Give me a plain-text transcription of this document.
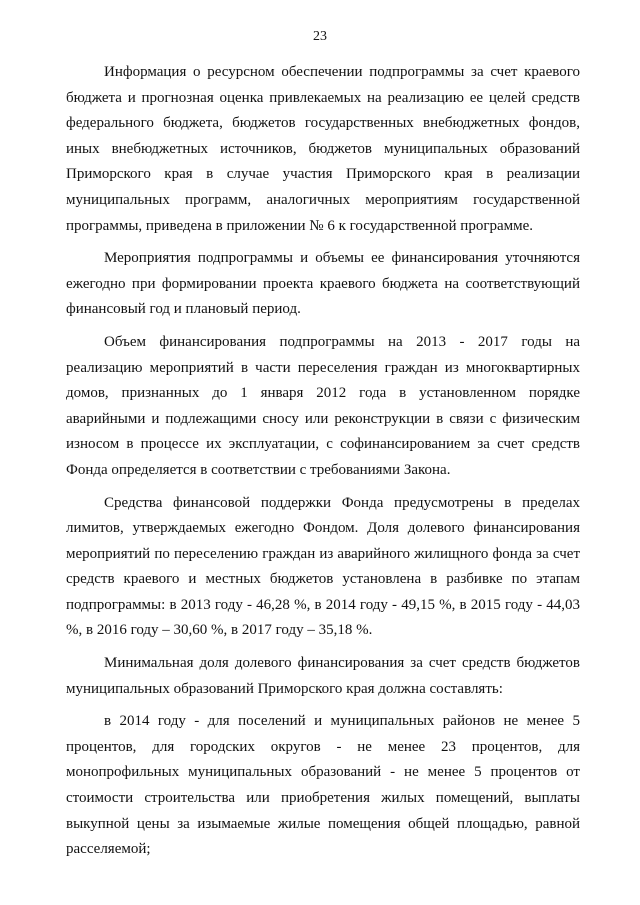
23

Информация о ресурсном обеспечении подпрограммы за счет краевого бюджета и прогнозная оценка привлекаемых на реализацию ее целей средств федерального бюджета, бюджетов государственных внебюджетных фондов, иных внебюджетных источников, бюджетов муниципальных образований Приморского края в случае участия Приморского края в реализации муниципальных программ, аналогичных мероприятиям государственной программы, приведена в приложении № 6 к государственной программе.

Мероприятия подпрограммы и объемы ее финансирования уточняются ежегодно при формировании проекта краевого бюджета на соответствующий финансовый год и плановый период.

Объем финансирования подпрограммы на 2013 - 2017 годы на реализацию мероприятий в части переселения граждан из многоквартирных домов, признанных до 1 января 2012 года в установленном порядке аварийными и подлежащими сносу или реконструкции в связи с физическим износом в процессе их эксплуатации, с софинансированием за счет средств Фонда определяется в соответствии с требованиями Закона.

Средства финансовой поддержки Фонда предусмотрены в пределах лимитов, утверждаемых ежегодно Фондом. Доля долевого финансирования мероприятий по переселению граждан из аварийного жилищного фонда за счет средств краевого и местных бюджетов установлена в разбивке по этапам подпрограммы: в 2013 году - 46,28 %, в 2014 году - 49,15 %, в 2015 году - 44,03 %, в 2016 году – 30,60 %, в 2017 году – 35,18 %.

Минимальная доля долевого финансирования за счет средств бюджетов муниципальных образований Приморского края должна составлять:

в 2014 году - для поселений и муниципальных районов не менее 5 процентов, для городских округов - не менее 23 процентов, для монопрофильных муниципальных образований - не менее 5 процентов от стоимости строительства или приобретения жилых помещений, выплаты выкупной цены за изымаемые жилые помещения общей площадью, равной расселяемой;
